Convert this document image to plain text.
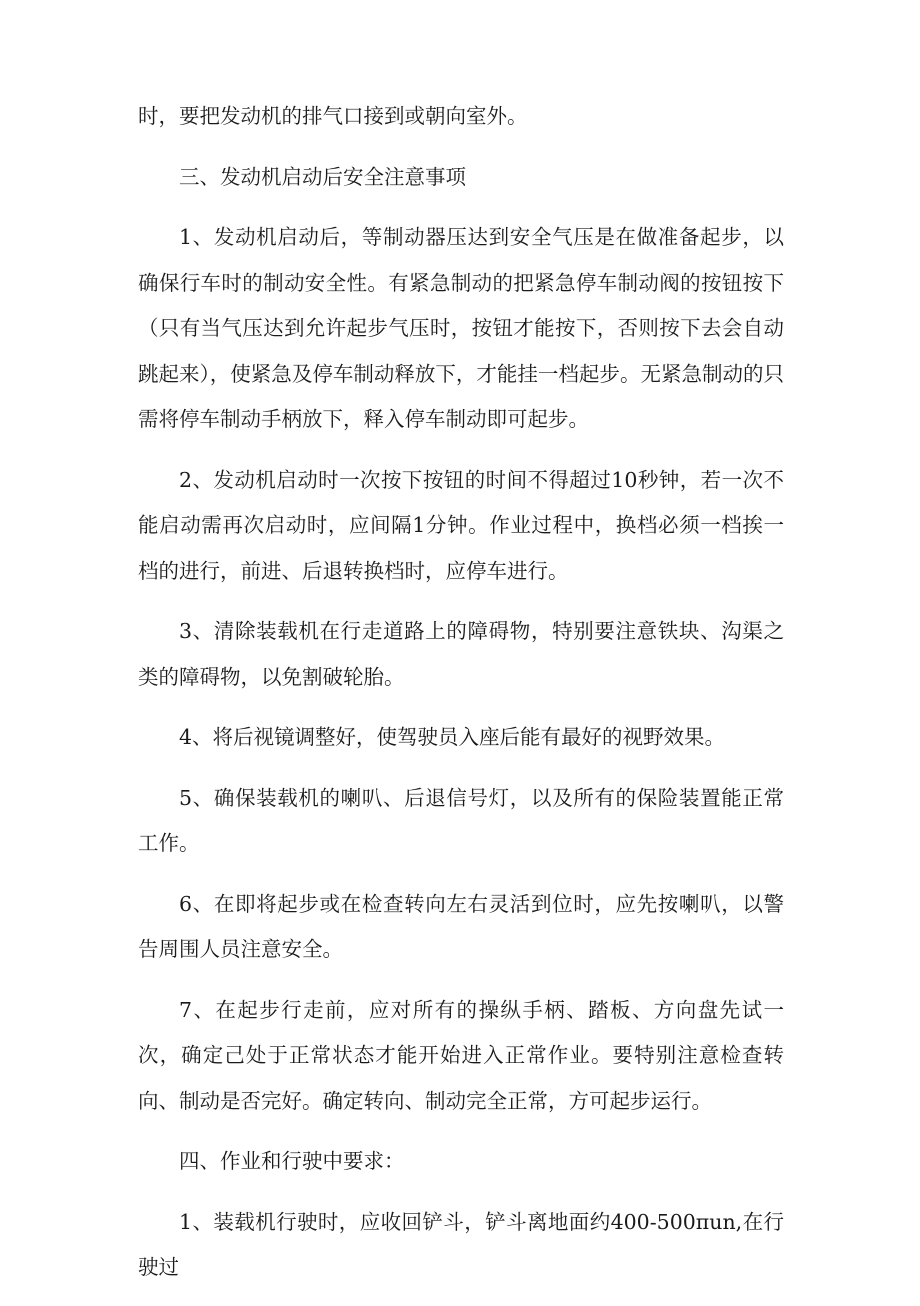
时，要把发动机的排气口接到或朝向室外。

三、发动机启动后安全注意事项

1、发动机启动后，等制动器压达到安全气压是在做准备起步，以确保行车时的制动安全性。有紧急制动的把紧急停车制动阀的按钮按下（只有当气压达到允许起步气压时，按钮才能按下，否则按下去会自动跳起来），使紧急及停车制动释放下，才能挂一档起步。无紧急制动的只需将停车制动手柄放下，释入停车制动即可起步。

2、发动机启动时一次按下按钮的时间不得超过10秒钟，若一次不能启动需再次启动时，应间隔1分钟。作业过程中，换档必须一档挨一档的进行，前进、后退转换档时，应停车进行。

3、清除装载机在行走道路上的障碍物，特别要注意铁块、沟渠之类的障碍物，以免割破轮胎。

4、将后视镜调整好，使驾驶员入座后能有最好的视野效果。

5、确保装载机的喇叭、后退信号灯，以及所有的保险装置能正常工作。

6、在即将起步或在检查转向左右灵活到位时，应先按喇叭，以警告周围人员注意安全。

7、在起步行走前，应对所有的操纵手柄、踏板、方向盘先试一次，确定己处于正常状态才能开始进入正常作业。要特别注意检查转向、制动是否完好。确定转向、制动完全正常，方可起步运行。

四、作业和行驶中要求：

1、装载机行驶时，应收回铲斗，铲斗离地面约400-500πun,在行驶过
